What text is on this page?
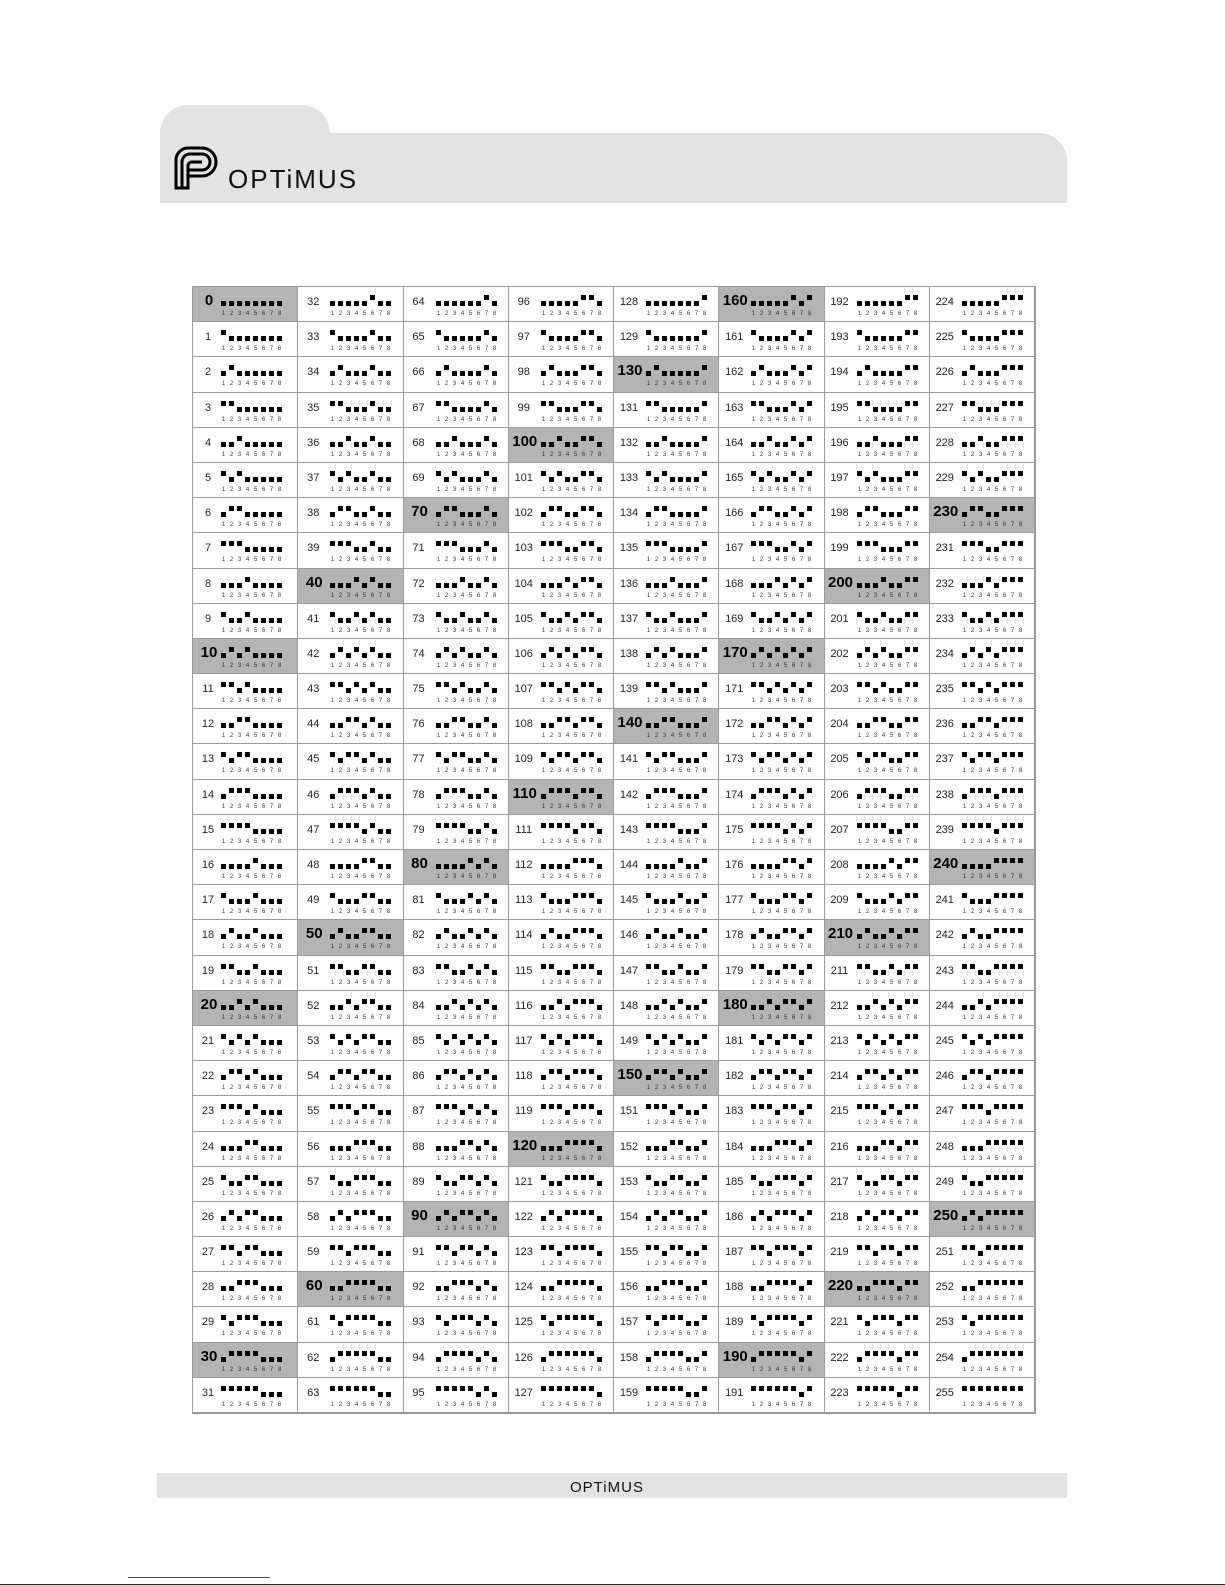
OPTiMUS
0
1 2 3 4 5 6 7 8
1
1 2 3 4 5 6 7 8
2
1 2 3 4 5 6 7 8
3
1 2 3 4 5 6 7 8
4
1 2 3 4 5 6 7 8
5
1 2 3 4 5 6 7 8
6
1 2 3 4 5 6 7 8
7
1 2 3 4 5 6 7 8
8
1 2 3 4 5 6 7 8
9
1 2 3 4 5 6 7 8
10
1 2 3 4 5 6 7 8
11
1 2 3 4 5 6 7 8
12
1 2 3 4 5 6 7 8
13
1 2 3 4 5 6 7 8
14
1 2 3 4 5 6 7 8
15
1 2 3 4 5 6 7 8
16
1 2 3 4 5 6 7 8
17
1 2 3 4 5 6 7 8
18
1 2 3 4 5 6 7 8
19
1 2 3 4 5 6 7 8
20
1 2 3 4 5 6 7 8
21
1 2 3 4 5 6 7 8
22
1 2 3 4 5 6 7 8
23
1 2 3 4 5 6 7 8
24
1 2 3 4 5 6 7 8
25
1 2 3 4 5 6 7 8
26
1 2 3 4 5 6 7 8
27
1 2 3 4 5 6 7 8
28
1 2 3 4 5 6 7 8
29
1 2 3 4 5 6 7 8
30
1 2 3 4 5 6 7 8
31
1 2 3 4 5 6 7 8
32
1 2 3 4 5 6 7 8
33
1 2 3 4 5 6 7 8
34
1 2 3 4 5 6 7 8
35
1 2 3 4 5 6 7 8
36
1 2 3 4 5 6 7 8
37
1 2 3 4 5 6 7 8
38
1 2 3 4 5 6 7 8
39
1 2 3 4 5 6 7 8
40
1 2 3 4 5 6 7 8
41
1 2 3 4 5 6 7 8
42
1 2 3 4 5 6 7 8
43
1 2 3 4 5 6 7 8
44
1 2 3 4 5 6 7 8
45
1 2 3 4 5 6 7 8
46
1 2 3 4 5 6 7 8
47
1 2 3 4 5 6 7 8
48
1 2 3 4 5 6 7 8
49
1 2 3 4 5 6 7 8
50
1 2 3 4 5 6 7 8
51
1 2 3 4 5 6 7 8
52
1 2 3 4 5 6 7 8
53
1 2 3 4 5 6 7 8
54
1 2 3 4 5 6 7 8
55
1 2 3 4 5 6 7 8
56
1 2 3 4 5 6 7 8
57
1 2 3 4 5 6 7 8
58
1 2 3 4 5 6 7 8
59
1 2 3 4 5 6 7 8
60
1 2 3 4 5 6 7 8
61
1 2 3 4 5 6 7 8
62
1 2 3 4 5 6 7 8
63
1 2 3 4 5 6 7 8
64
1 2 3 4 5 6 7 8
65
1 2 3 4 5 6 7 8
66
1 2 3 4 5 6 7 8
67
1 2 3 4 5 6 7 8
68
1 2 3 4 5 6 7 8
69
1 2 3 4 5 6 7 8
70
1 2 3 4 5 6 7 8
71
1 2 3 4 5 6 7 8
72
1 2 3 4 5 6 7 8
73
1 2 3 4 5 6 7 8
74
1 2 3 4 5 6 7 8
75
1 2 3 4 5 6 7 8
76
1 2 3 4 5 6 7 8
77
1 2 3 4 5 6 7 8
78
1 2 3 4 5 6 7 8
79
1 2 3 4 5 6 7 8
80
1 2 3 4 5 6 7 8
81
1 2 3 4 5 6 7 8
82
1 2 3 4 5 6 7 8
83
1 2 3 4 5 6 7 8
84
1 2 3 4 5 6 7 8
85
1 2 3 4 5 6 7 8
86
1 2 3 4 5 6 7 8
87
1 2 3 4 5 6 7 8
88
1 2 3 4 5 6 7 8
89
1 2 3 4 5 6 7 8
90
1 2 3 4 5 6 7 8
91
1 2 3 4 5 6 7 8
92
1 2 3 4 5 6 7 8
93
1 2 3 4 5 6 7 8
94
1 2 3 4 5 6 7 8
95
1 2 3 4 5 6 7 8
96
1 2 3 4 5 6 7 8
97
1 2 3 4 5 6 7 8
98
1 2 3 4 5 6 7 8
99
1 2 3 4 5 6 7 8
100
1 2 3 4 5 6 7 8
101
1 2 3 4 5 6 7 8
102
1 2 3 4 5 6 7 8
103
1 2 3 4 5 6 7 8
104
1 2 3 4 5 6 7 8
105
1 2 3 4 5 6 7 8
106
1 2 3 4 5 6 7 8
107
1 2 3 4 5 6 7 8
108
1 2 3 4 5 6 7 8
109
1 2 3 4 5 6 7 8
110
1 2 3 4 5 6 7 8
111
1 2 3 4 5 6 7 8
112
1 2 3 4 5 6 7 8
113
1 2 3 4 5 6 7 8
114
1 2 3 4 5 6 7 8
115
1 2 3 4 5 6 7 8
116
1 2 3 4 5 6 7 8
117
1 2 3 4 5 6 7 8
118
1 2 3 4 5 6 7 8
119
1 2 3 4 5 6 7 8
120
1 2 3 4 5 6 7 8
121
1 2 3 4 5 6 7 8
122
1 2 3 4 5 6 7 8
123
1 2 3 4 5 6 7 8
124
1 2 3 4 5 6 7 8
125
1 2 3 4 5 6 7 8
126
1 2 3 4 5 6 7 8
127
1 2 3 4 5 6 7 8
128
1 2 3 4 5 6 7 8
129
1 2 3 4 5 6 7 8
130
1 2 3 4 5 6 7 8
131
1 2 3 4 5 6 7 8
132
1 2 3 4 5 6 7 8
133
1 2 3 4 5 6 7 8
134
1 2 3 4 5 6 7 8
135
1 2 3 4 5 6 7 8
136
1 2 3 4 5 6 7 8
137
1 2 3 4 5 6 7 8
138
1 2 3 4 5 6 7 8
139
1 2 3 4 5 6 7 8
140
1 2 3 4 5 6 7 8
141
1 2 3 4 5 6 7 8
142
1 2 3 4 5 6 7 8
143
1 2 3 4 5 6 7 8
144
1 2 3 4 5 6 7 8
145
1 2 3 4 5 6 7 8
146
1 2 3 4 5 6 7 8
147
1 2 3 4 5 6 7 8
148
1 2 3 4 5 6 7 8
149
1 2 3 4 5 6 7 8
150
1 2 3 4 5 6 7 8
151
1 2 3 4 5 6 7 8
152
1 2 3 4 5 6 7 8
153
1 2 3 4 5 6 7 8
154
1 2 3 4 5 6 7 8
155
1 2 3 4 5 6 7 8
156
1 2 3 4 5 6 7 8
157
1 2 3 4 5 6 7 8
158
1 2 3 4 5 6 7 8
159
1 2 3 4 5 6 7 8
160
1 2 3 4 5 6 7 8
161
1 2 3 4 5 6 7 8
162
1 2 3 4 5 6 7 8
163
1 2 3 4 5 6 7 8
164
1 2 3 4 5 6 7 8
165
1 2 3 4 5 6 7 8
166
1 2 3 4 5 6 7 8
167
1 2 3 4 5 6 7 8
168
1 2 3 4 5 6 7 8
169
1 2 3 4 5 6 7 8
170
1 2 3 4 5 6 7 8
171
1 2 3 4 5 6 7 8
172
1 2 3 4 5 6 7 8
173
1 2 3 4 5 6 7 8
174
1 2 3 4 5 6 7 8
175
1 2 3 4 5 6 7 8
176
1 2 3 4 5 6 7 8
177
1 2 3 4 5 6 7 8
178
1 2 3 4 5 6 7 8
179
1 2 3 4 5 6 7 8
180
1 2 3 4 5 6 7 8
181
1 2 3 4 5 6 7 8
182
1 2 3 4 5 6 7 8
183
1 2 3 4 5 6 7 8
184
1 2 3 4 5 6 7 8
185
1 2 3 4 5 6 7 8
186
1 2 3 4 5 6 7 8
187
1 2 3 4 5 6 7 8
188
1 2 3 4 5 6 7 8
189
1 2 3 4 5 6 7 8
190
1 2 3 4 5 6 7 8
191
1 2 3 4 5 6 7 8
192
1 2 3 4 5 6 7 8
193
1 2 3 4 5 6 7 8
194
1 2 3 4 5 6 7 8
195
1 2 3 4 5 6 7 8
196
1 2 3 4 5 6 7 8
197
1 2 3 4 5 6 7 8
198
1 2 3 4 5 6 7 8
199
1 2 3 4 5 6 7 8
200
1 2 3 4 5 6 7 8
201
1 2 3 4 5 6 7 8
202
1 2 3 4 5 6 7 8
203
1 2 3 4 5 6 7 8
204
1 2 3 4 5 6 7 8
205
1 2 3 4 5 6 7 8
206
1 2 3 4 5 6 7 8
207
1 2 3 4 5 6 7 8
208
1 2 3 4 5 6 7 8
209
1 2 3 4 5 6 7 8
210
1 2 3 4 5 6 7 8
211
1 2 3 4 5 6 7 8
212
1 2 3 4 5 6 7 8
213
1 2 3 4 5 6 7 8
214
1 2 3 4 5 6 7 8
215
1 2 3 4 5 6 7 8
216
1 2 3 4 5 6 7 8
217
1 2 3 4 5 6 7 8
218
1 2 3 4 5 6 7 8
219
1 2 3 4 5 6 7 8
220
1 2 3 4 5 6 7 8
221
1 2 3 4 5 6 7 8
222
1 2 3 4 5 6 7 8
223
1 2 3 4 5 6 7 8
224
1 2 3 4 5 6 7 8
225
1 2 3 4 5 6 7 8
226
1 2 3 4 5 6 7 8
227
1 2 3 4 5 6 7 8
228
1 2 3 4 5 6 7 8
229
1 2 3 4 5 6 7 8
230
1 2 3 4 5 6 7 8
231
1 2 3 4 5 6 7 8
232
1 2 3 4 5 6 7 8
233
1 2 3 4 5 6 7 8
234
1 2 3 4 5 6 7 8
235
1 2 3 4 5 6 7 8
236
1 2 3 4 5 6 7 8
237
1 2 3 4 5 6 7 8
238
1 2 3 4 5 6 7 8
239
1 2 3 4 5 6 7 8
240
1 2 3 4 5 6 7 8
241
1 2 3 4 5 6 7 8
242
1 2 3 4 5 6 7 8
243
1 2 3 4 5 6 7 8
244
1 2 3 4 5 6 7 8
245
1 2 3 4 5 6 7 8
246
1 2 3 4 5 6 7 8
247
1 2 3 4 5 6 7 8
248
1 2 3 4 5 6 7 8
249
1 2 3 4 5 6 7 8
250
1 2 3 4 5 6 7 8
251
1 2 3 4 5 6 7 8
252
1 2 3 4 5 6 7 8
253
1 2 3 4 5 6 7 8
254
1 2 3 4 5 6 7 8
255
1 2 3 4 5 6 7 8
OPTiMUS
